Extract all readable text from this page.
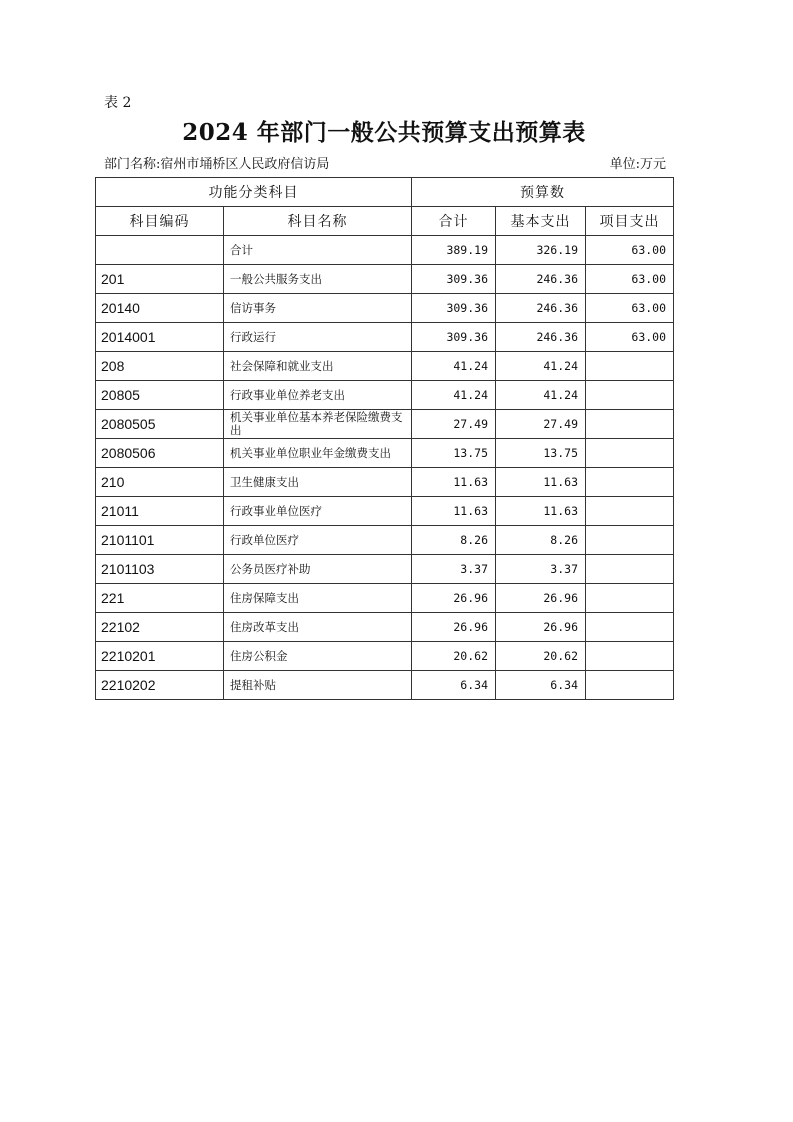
表 2
2024 年部门一般公共预算支出预算表
部门名称:宿州市埇桥区人民政府信访局	单位:万元
功能分类科目		预算数		
科目编码	科目名称	合计	基本支出	项目支出
	合计	389.19	326.19	63.00
201	一般公共服务支出	309.36	246.36	63.00
20140	信访事务	309.36	246.36	63.00
2014001	行政运行	309.36	246.36	63.00
208	社会保障和就业支出	41.24	41.24	
20805	行政事业单位养老支出	41.24	41.24	
2080505	机关事业单位基本养老保险缴费支出	27.49	27.49	
2080506	机关事业单位职业年金缴费支出	13.75	13.75	
210	卫生健康支出	11.63	11.63	
21011	行政事业单位医疗	11.63	11.63	
2101101	行政单位医疗	8.26	8.26	
2101103	公务员医疗补助	3.37	3.37	
221	住房保障支出	26.96	26.96	
22102	住房改革支出	26.96	26.96	
2210201	住房公积金	20.62	20.62	
2210202	提租补贴	6.34	6.34	
